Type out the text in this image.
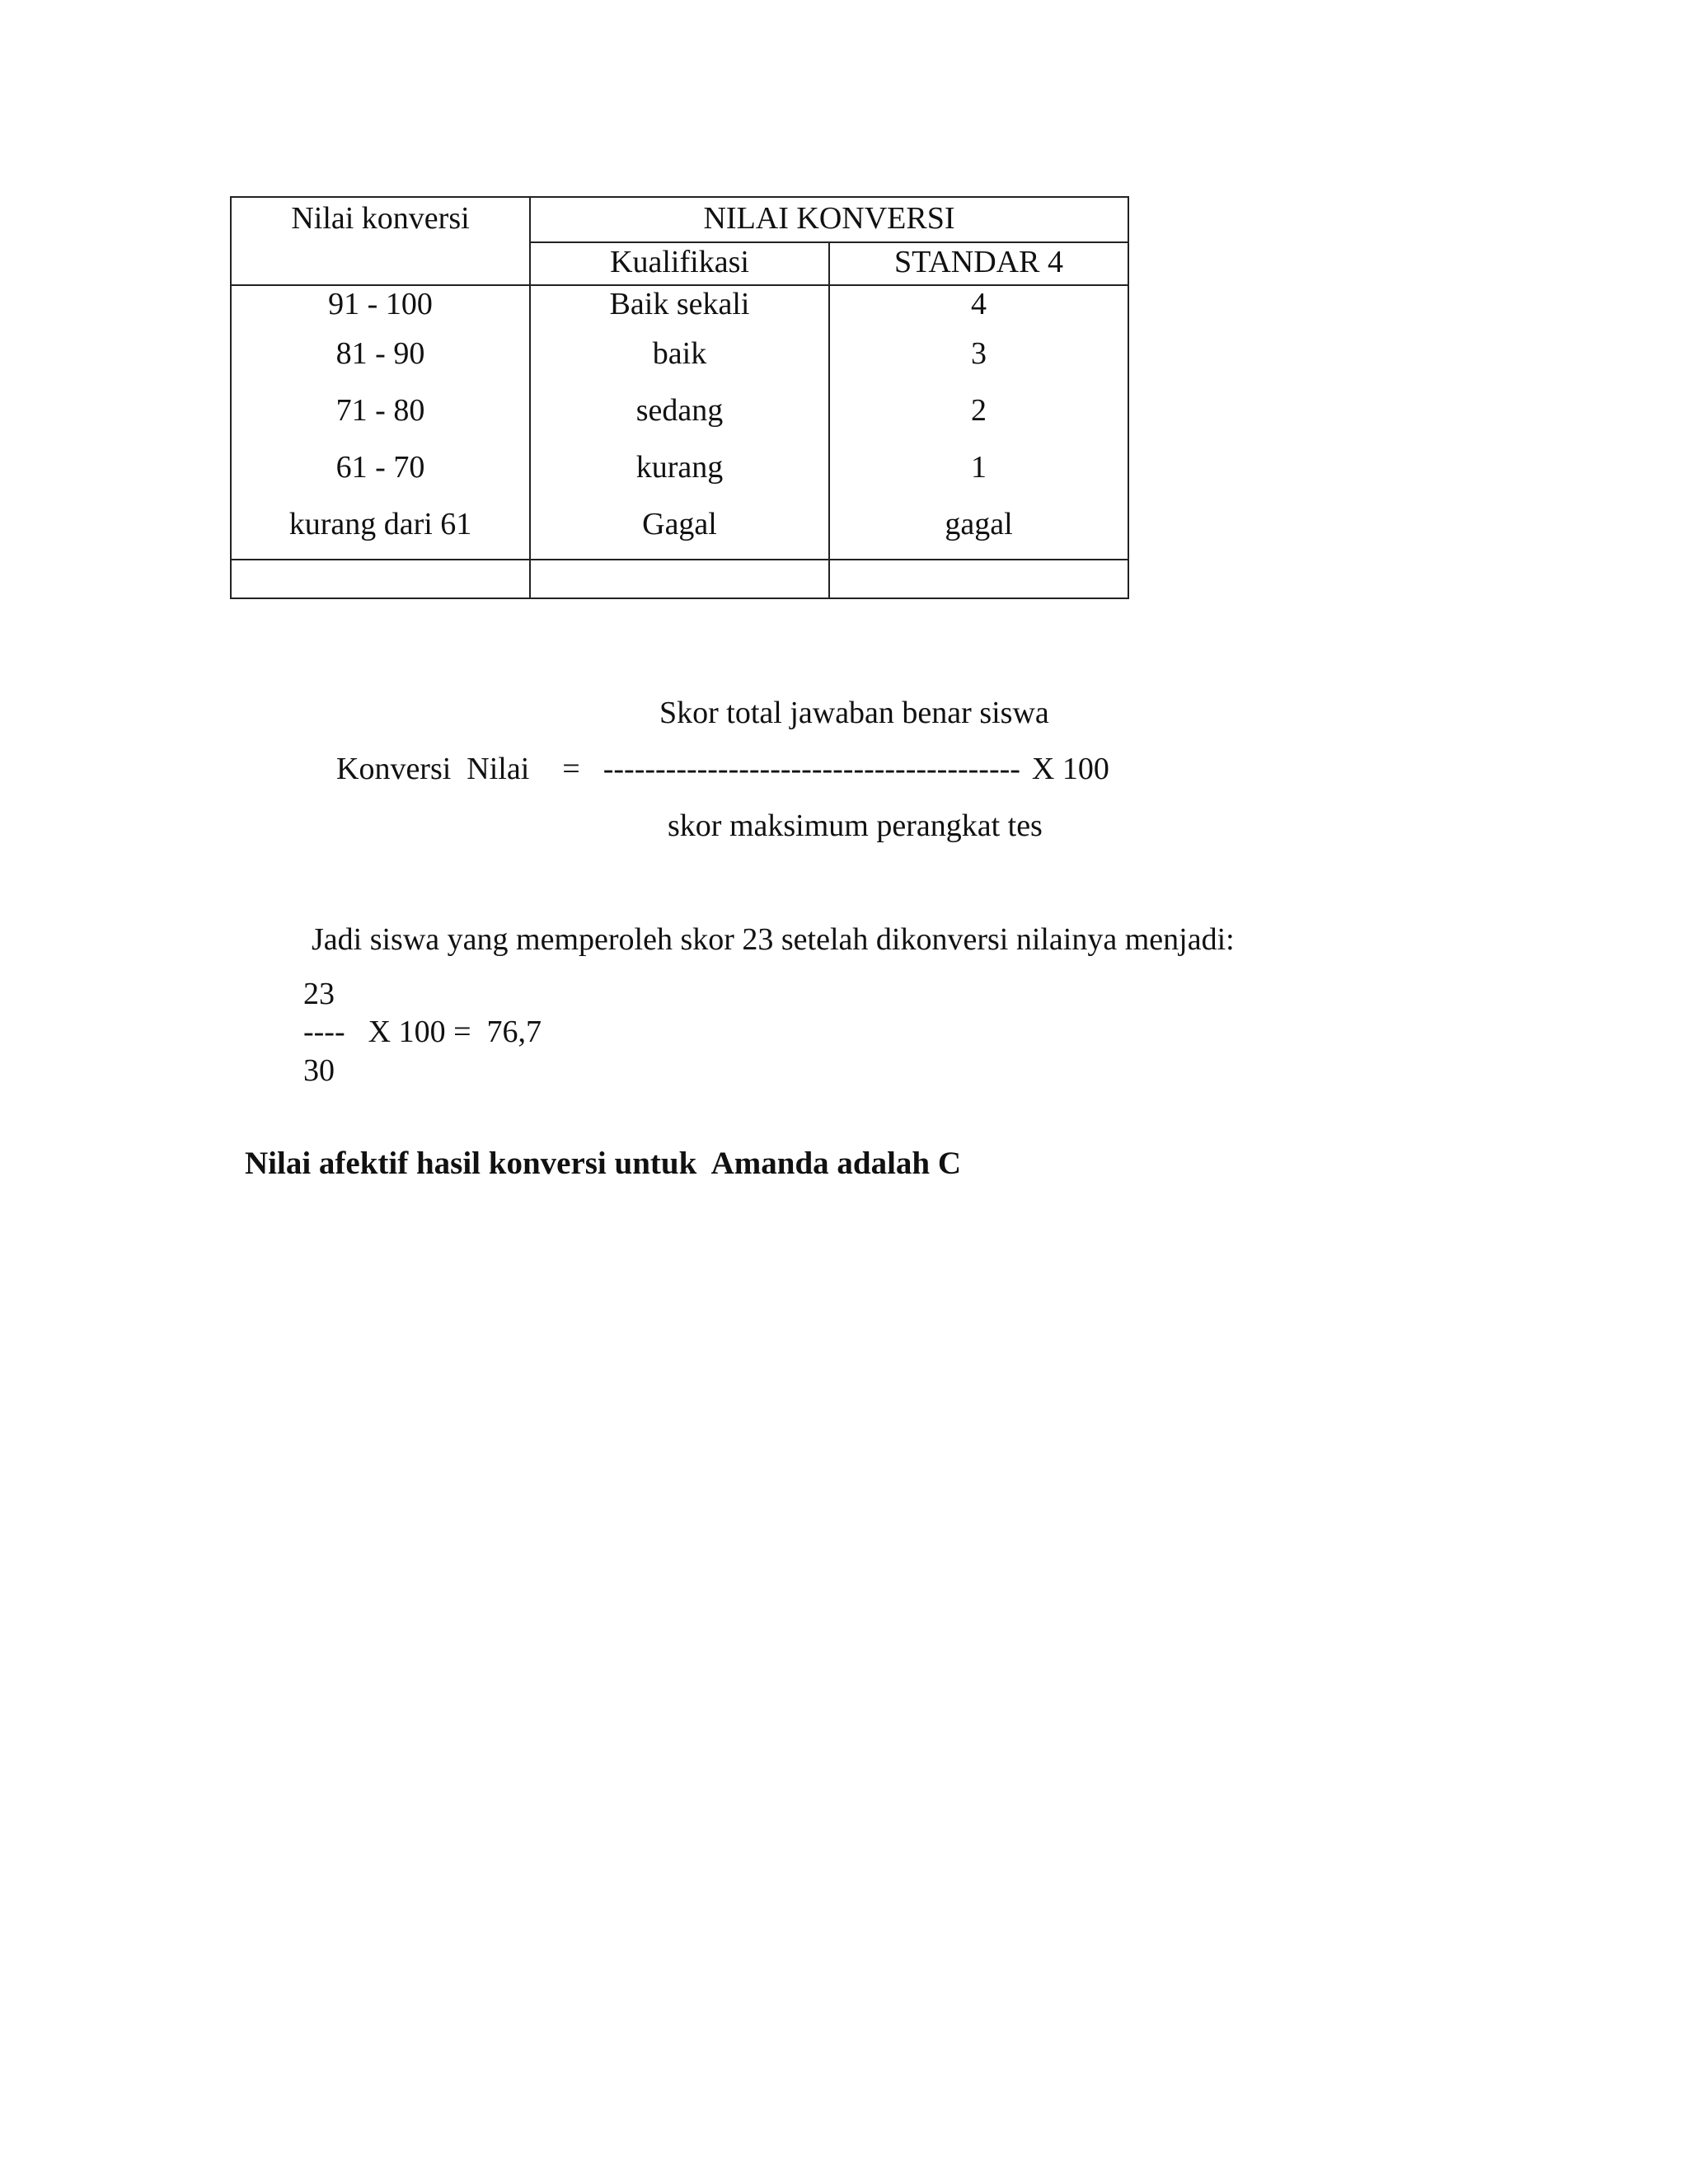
Nilai konversi	NILAI KONVERSI	
	Kualifikasi	STANDAR 4
91 - 100	Baik sekali	4
81 - 90	baik	3
71 - 80	sedang	2
61 - 70	kurang	1
kurang dari 61	Gagal	gagal

Skor total jawaban benar siswa
Konversi  Nilai = ---------------------------------------- X 100
skor maksimum perangkat tes
Jadi siswa yang memperoleh skor 23 setelah dikonversi nilainya menjadi:
23
---- X 100 =  76,7
30
Nilai afektif hasil konversi untuk  Amanda adalah C
